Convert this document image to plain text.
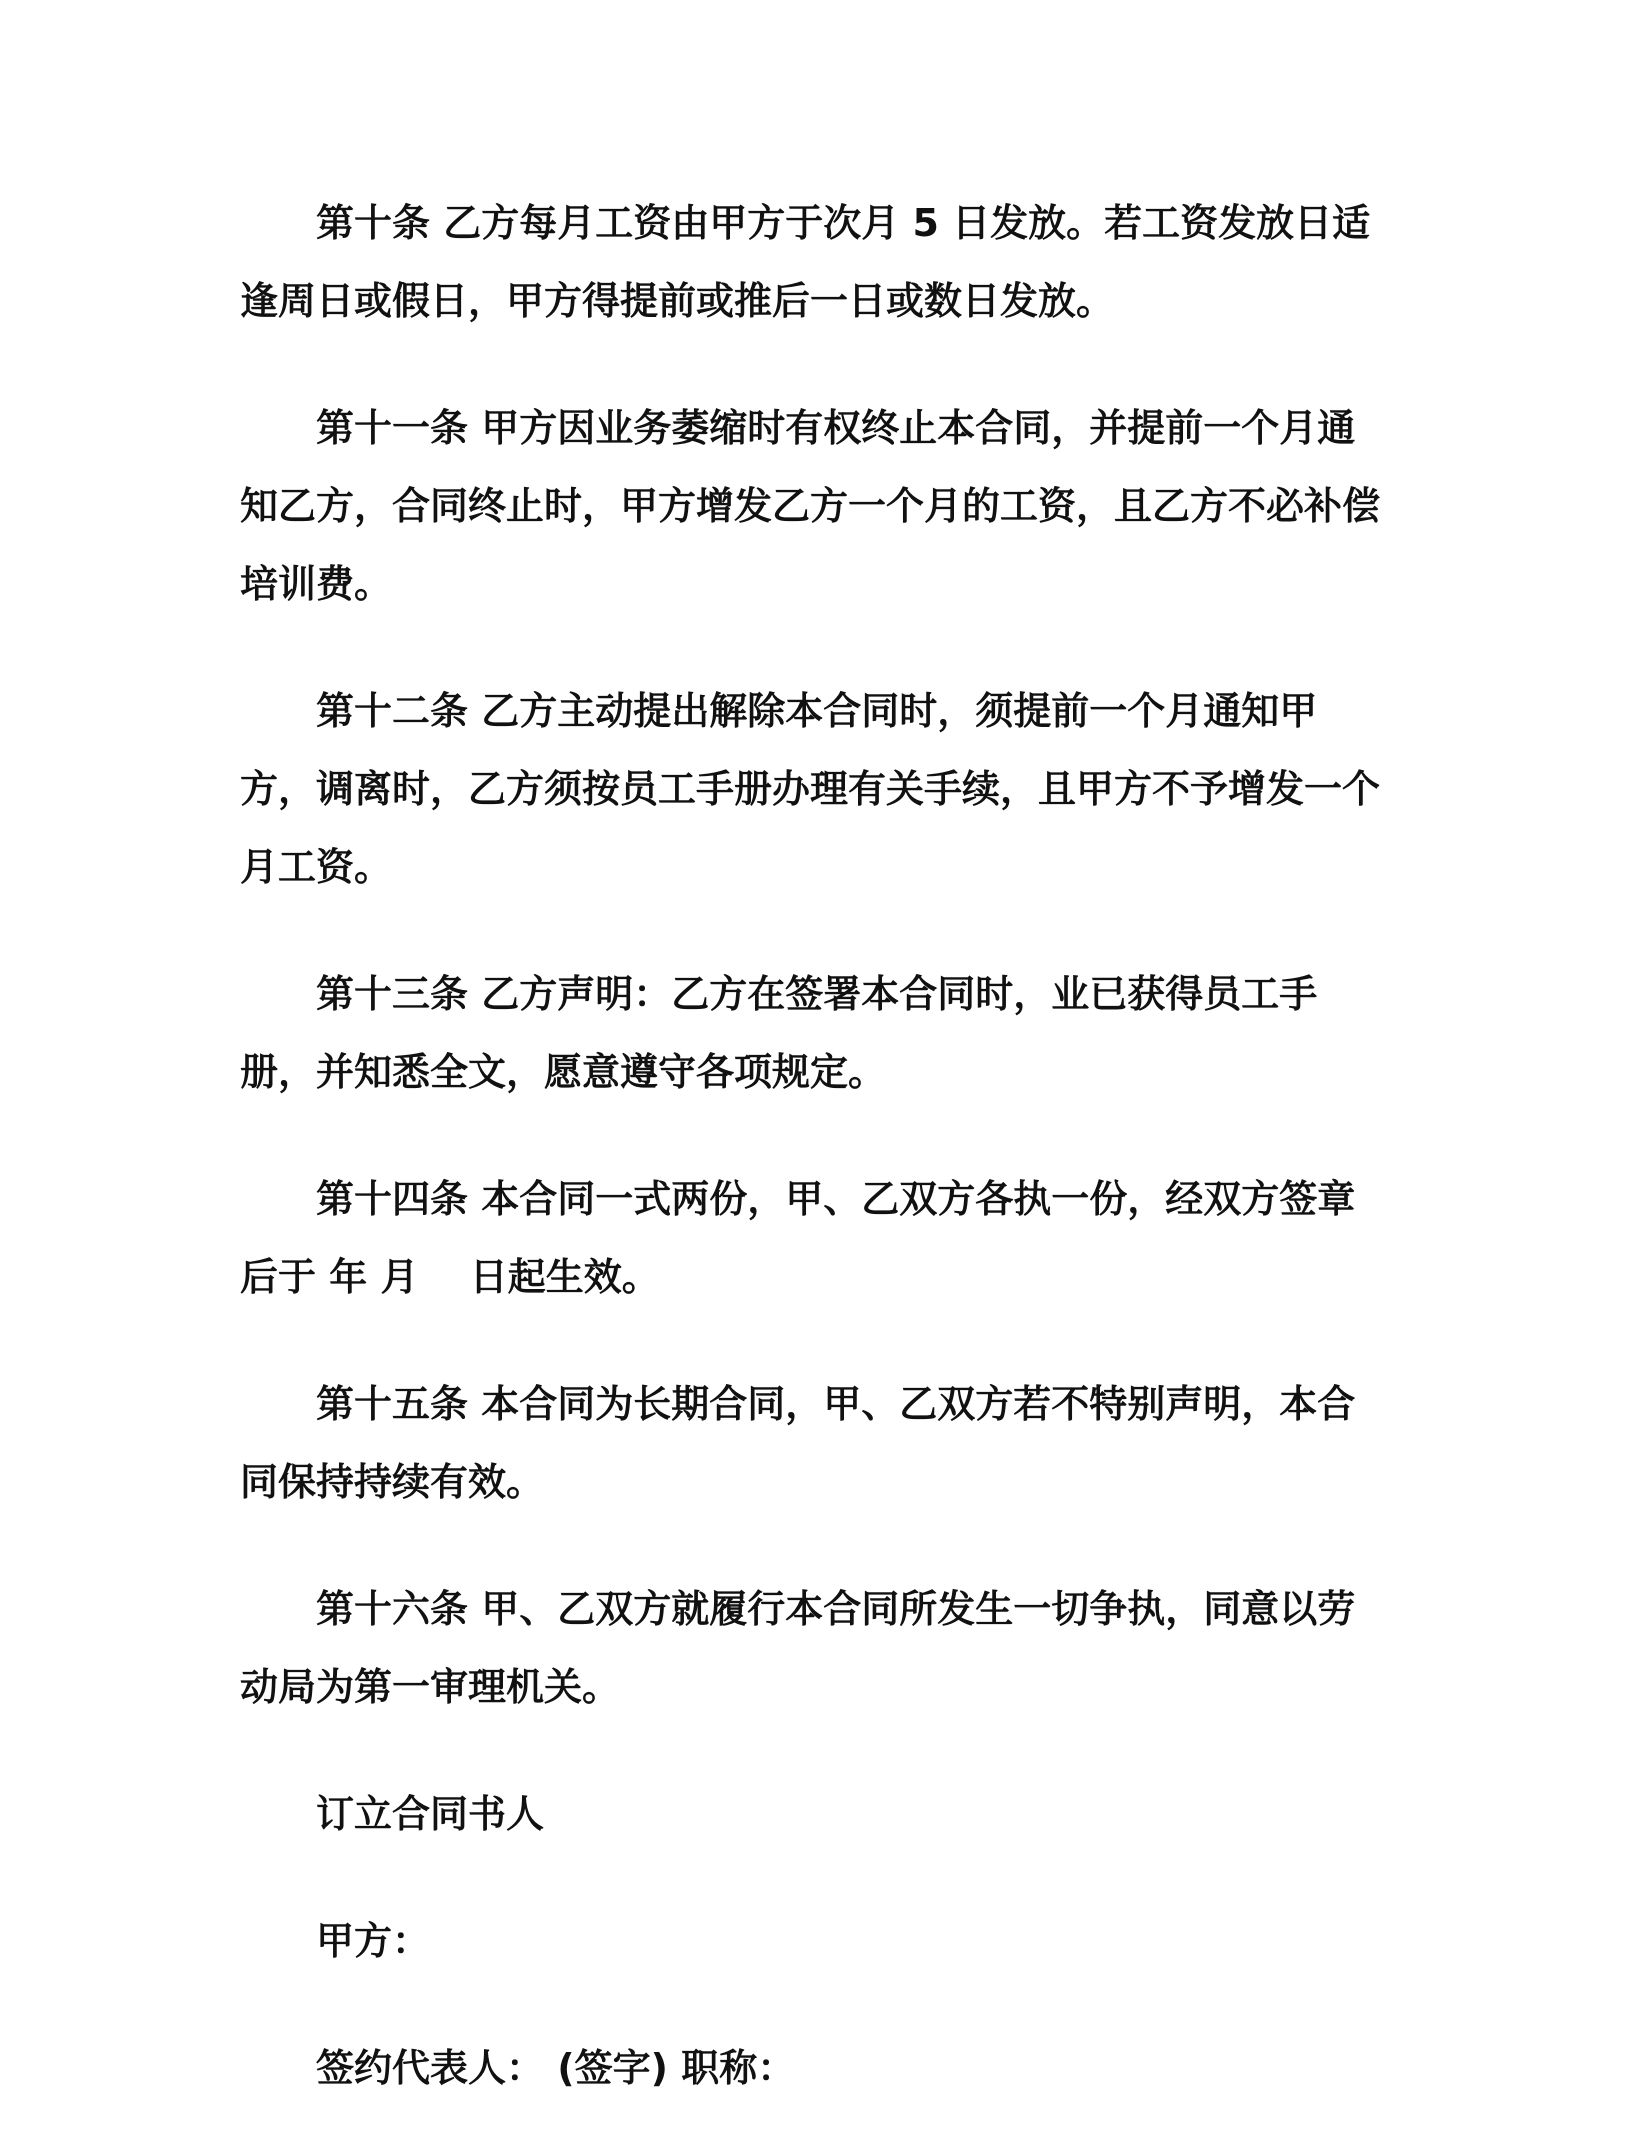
第十条 乙方每月工资由甲方于次月 5 日发放。若工资发放日适逢周日或假日，甲方得提前或推后一日或数日发放。

第十一条 甲方因业务萎缩时有权终止本合同，并提前一个月通知乙方，合同终止时，甲方增发乙方一个月的工资，且乙方不必补偿培训费。

第十二条 乙方主动提出解除本合同时，须提前一个月通知甲方，调离时，乙方须按员工手册办理有关手续，且甲方不予增发一个月工资。

第十三条 乙方声明：乙方在签署本合同时，业已获得员工手册，并知悉全文，愿意遵守各项规定。

第十四条 本合同一式两份，甲、乙双方各执一份，经双方签章后于 年 月　 日起生效。

第十五条 本合同为长期合同，甲、乙双方若不特别声明，本合同保持持续有效。

第十六条 甲、乙双方就履行本合同所发生一切争执，同意以劳动局为第一审理机关。

订立合同书人

甲方：

签约代表人： (签字) 职称：
